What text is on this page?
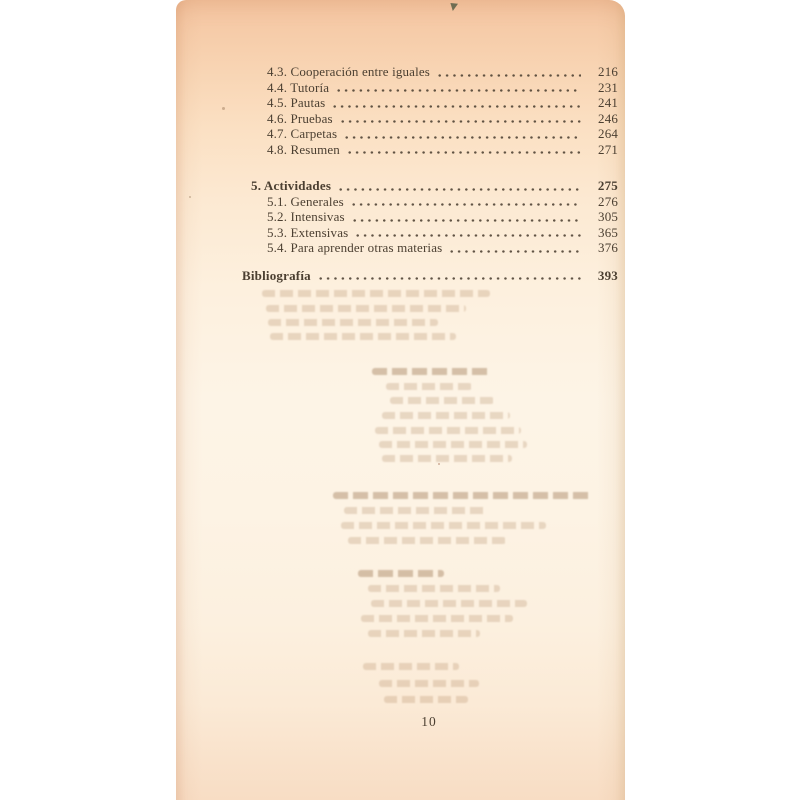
4.3. Cooperación entre iguales	216
4.4. Tutoría	231
4.5. Pautas	241
4.6. Pruebas	246
4.7. Carpetas	264
4.8. Resumen	271
5. Actividades	275
5.1. Generales	276
5.2. Intensivas	305
5.3. Extensivas	365
5.4. Para aprender otras materias	376
Bibliografía	393
10
